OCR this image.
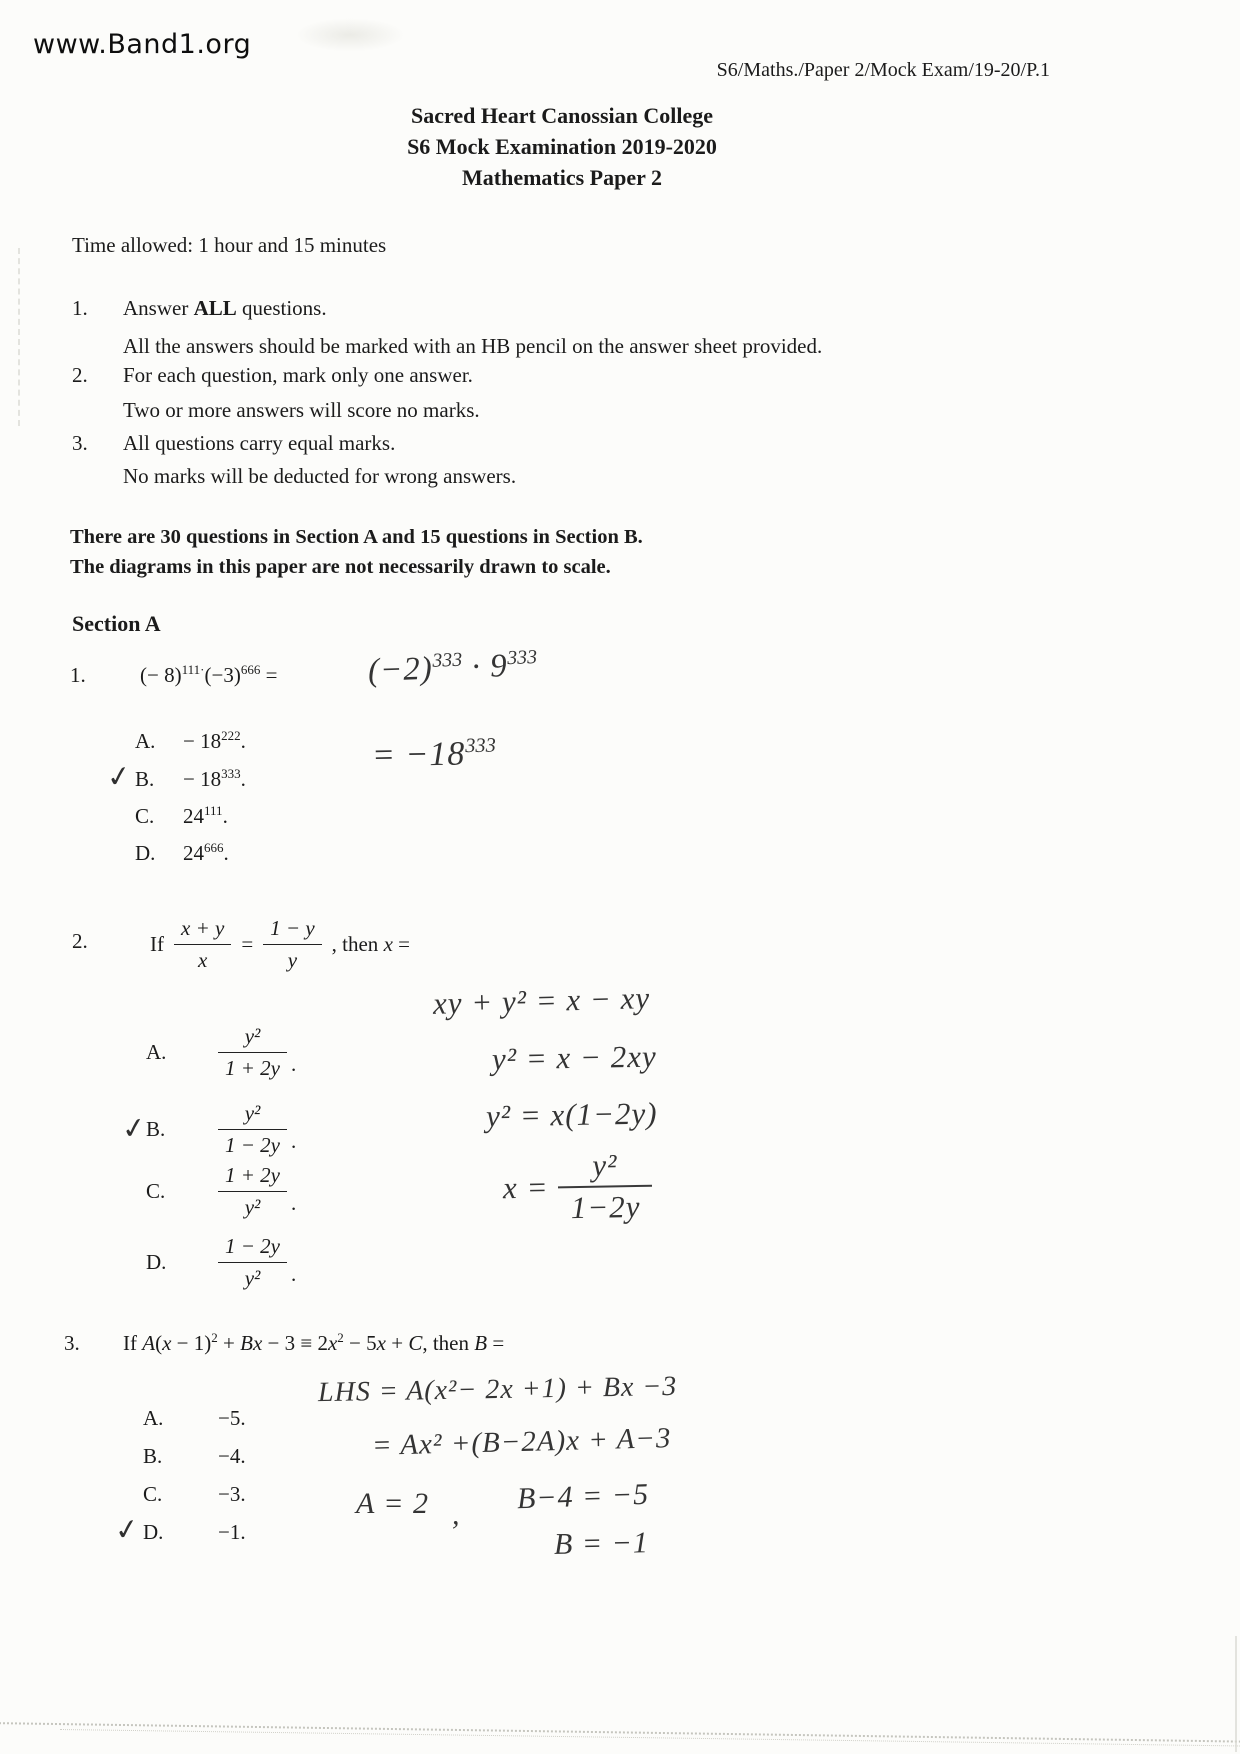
www.Band1.org
S6/Maths./Paper 2/Mock Exam/19-20/P.1
Sacred Heart Canossian College
S6 Mock Examination 2019-2020
Mathematics Paper 2
Time allowed: 1 hour and 15 minutes
1. Answer ALL questions.
All the answers should be marked with an HB pencil on the answer sheet provided.
2. For each question, mark only one answer.
Two or more answers will score no marks.
3. All questions carry equal marks.
No marks will be deducted for wrong answers.
There are 30 questions in Section A and 15 questions in Section B.
The diagrams in this paper are not necessarily drawn to scale.
Section A
1.	(− $8)^{111\cdot}(-3)^{666}$ =
A.	− $18^{222}$.
✓ B.	− $18^{333}$.
C.	$24^{111}$.
D.	$24^{666}$.
$(-2)^{333} \cdot 9^{333}$
= $-18^{333}$
2.	If $\frac{x + y}{x} = \frac{1 - y}{y}$ , then x =
A.	$\frac{\text{y²}}{1 + 2y}$ .
✓
B.	$\frac{\text{y²}}{1 - 2y}$ .
C.	$\frac{1 + 2y}{\text{y²}}$ .
D.	$\frac{1 - 2y}{\text{y²}}$ .
xy + y² = x − xy
y² = x − 2xy
y² = x(1−2y)
$x = \frac{\text{y²}}{1-2y}$
3. If $A(x - 1)^2 + Bx - 3 \equiv 2x^2 - 5x + C$, then B =
A.	−5.
B.	−4.
C.	−3.
✓ D.	−1.
LHS = A(x²− 2x +1) + Bx −3
= Ax² +(B−2A)x + A−3
A = 2 , B−4 = −5
B = −1
